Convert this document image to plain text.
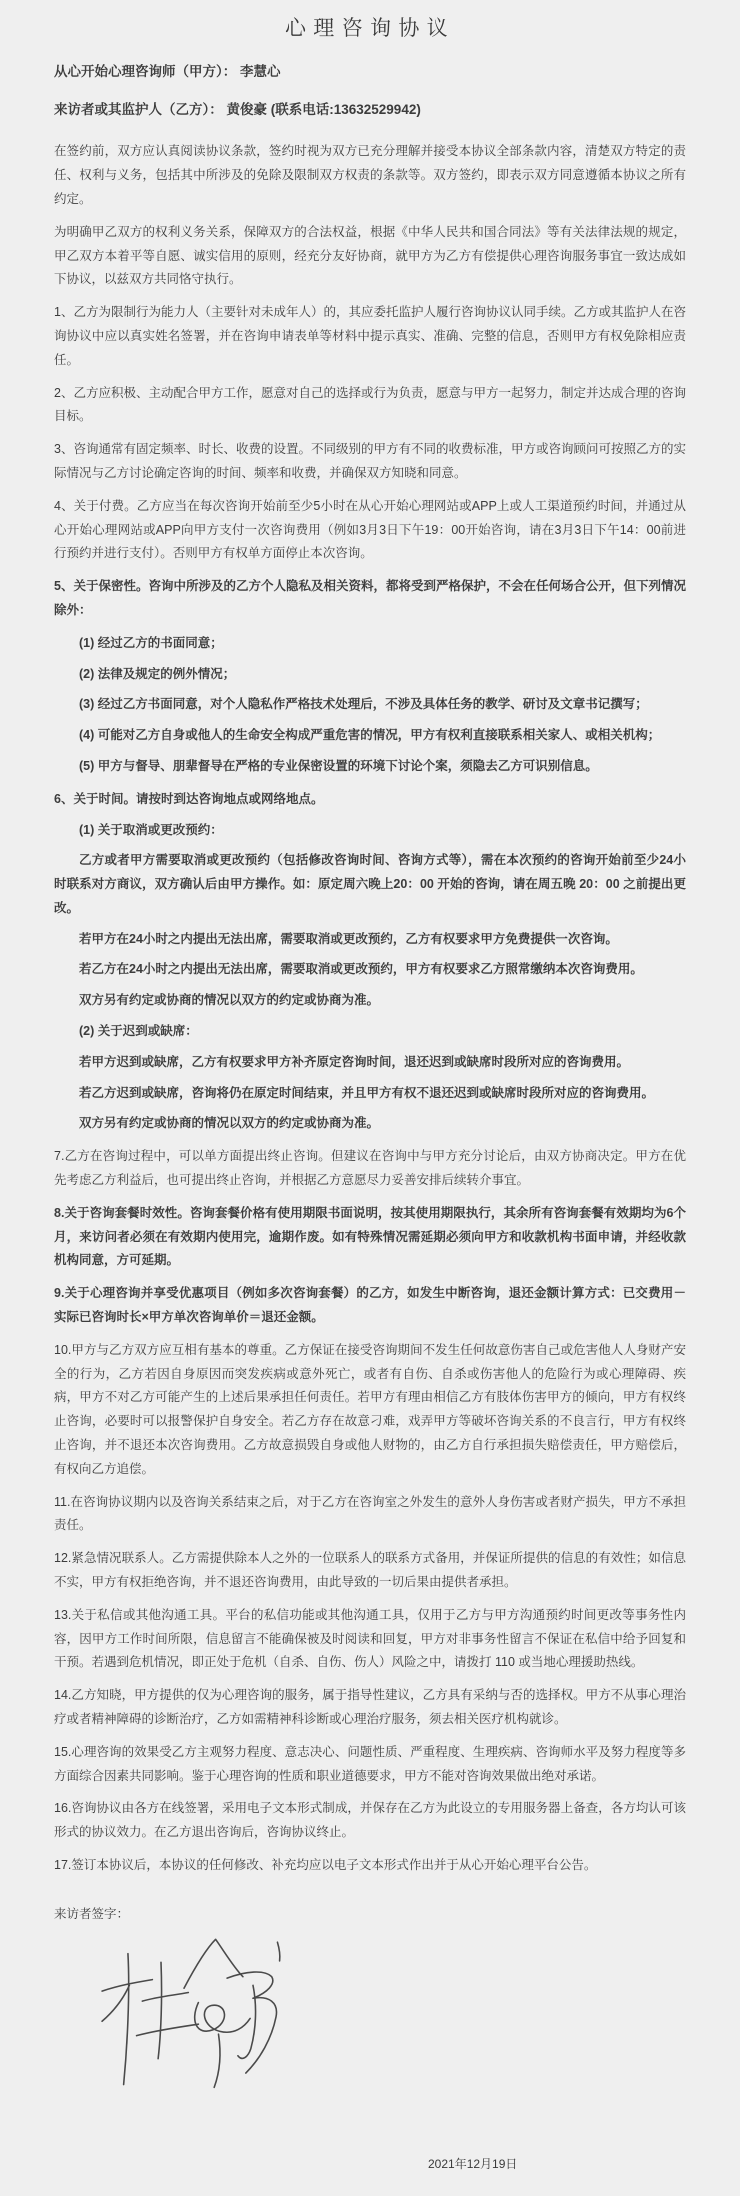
心理咨询协议

从心开始心理咨询师（甲方）： 李慧心

来访者或其监护人（乙方）： 黄俊豪 (联系电话:13632529942)

在签约前，双方应认真阅读协议条款，签约时视为双方已充分理解并接受本协议全部条款内容，清楚双方特定的责任、权利与义务，包括其中所涉及的免除及限制双方权责的条款等。双方签约，即表示双方同意遵循本协议之所有约定。

为明确甲乙双方的权利义务关系，保障双方的合法权益，根据《中华人民共和国合同法》等有关法律法规的规定，甲乙双方本着平等自愿、诚实信用的原则，经充分友好协商，就甲方为乙方有偿提供心理咨询服务事宜一致达成如下协议，以兹双方共同恪守执行。

1、乙方为限制行为能力人（主要针对未成年人）的，其应委托监护人履行咨询协议认同手续。乙方或其监护人在咨询协议中应以真实姓名签署，并在咨询申请表单等材料中提示真实、准确、完整的信息，否则甲方有权免除相应责任。

2、乙方应积极、主动配合甲方工作，愿意对自己的选择或行为负责，愿意与甲方一起努力，制定并达成合理的咨询目标。

3、咨询通常有固定频率、时长、收费的设置。不同级别的甲方有不同的收费标准，甲方或咨询顾问可按照乙方的实际情况与乙方讨论确定咨询的时间、频率和收费，并确保双方知晓和同意。

4、关于付费。乙方应当在每次咨询开始前至少5小时在从心开始心理网站或APP上或人工渠道预约时间，并通过从心开始心理网站或APP向甲方支付一次咨询费用（例如3月3日下午19：00开始咨询，请在3月3日下午14：00前进行预约并进行支付）。否则甲方有权单方面停止本次咨询。

5、关于保密性。咨询中所涉及的乙方个人隐私及相关资料，都将受到严格保护，不会在任何场合公开，但下列情况除外：

(1) 经过乙方的书面同意；

(2) 法律及规定的例外情况；

(3) 经过乙方书面同意，对个人隐私作严格技术处理后，不涉及具体任务的教学、研讨及文章书记撰写；

(4) 可能对乙方自身或他人的生命安全构成严重危害的情况，甲方有权利直接联系相关家人、或相关机构；

(5) 甲方与督导、朋辈督导在严格的专业保密设置的环境下讨论个案，须隐去乙方可识别信息。

6、关于时间。请按时到达咨询地点或网络地点。

(1) 关于取消或更改预约：

乙方或者甲方需要取消或更改预约（包括修改咨询时间、咨询方式等），需在本次预约的咨询开始前至少24小时联系对方商议，双方确认后由甲方操作。如：原定周六晚上20：00 开始的咨询，请在周五晚 20：00 之前提出更改。

若甲方在24小时之内提出无法出席，需要取消或更改预约，乙方有权要求甲方免费提供一次咨询。

若乙方在24小时之内提出无法出席，需要取消或更改预约，甲方有权要求乙方照常缴纳本次咨询费用。

双方另有约定或协商的情况以双方的约定或协商为准。

(2) 关于迟到或缺席：

若甲方迟到或缺席，乙方有权要求甲方补齐原定咨询时间，退还迟到或缺席时段所对应的咨询费用。

若乙方迟到或缺席，咨询将仍在原定时间结束，并且甲方有权不退还迟到或缺席时段所对应的咨询费用。

双方另有约定或协商的情况以双方的约定或协商为准。

7.乙方在咨询过程中，可以单方面提出终止咨询。但建议在咨询中与甲方充分讨论后，由双方协商决定。甲方在优先考虑乙方利益后，也可提出终止咨询，并根据乙方意愿尽力妥善安排后续转介事宜。

8.关于咨询套餐时效性。咨询套餐价格有使用期限书面说明，按其使用期限执行，其余所有咨询套餐有效期均为6个月，来访问者必须在有效期内使用完，逾期作废。如有特殊情况需延期必须向甲方和收款机构书面申请，并经收款机构同意，方可延期。

9.关于心理咨询并享受优惠项目（例如多次咨询套餐）的乙方，如发生中断咨询，退还金额计算方式：已交费用－实际已咨询时长×甲方单次咨询单价＝退还金额。

10.甲方与乙方双方应互相有基本的尊重。乙方保证在接受咨询期间不发生任何故意伤害自己或危害他人人身财产安全的行为，乙方若因自身原因而突发疾病或意外死亡，或者有自伤、自杀或伤害他人的危险行为或心理障碍、疾病，甲方不对乙方可能产生的上述后果承担任何责任。若甲方有理由相信乙方有肢体伤害甲方的倾向，甲方有权终止咨询，必要时可以报警保护自身安全。若乙方存在故意刁难，戏弄甲方等破坏咨询关系的不良言行，甲方有权终止咨询，并不退还本次咨询费用。乙方故意损毁自身或他人财物的，由乙方自行承担损失赔偿责任，甲方赔偿后，有权向乙方追偿。

11.在咨询协议期内以及咨询关系结束之后，对于乙方在咨询室之外发生的意外人身伤害或者财产损失，甲方不承担责任。

12.紧急情况联系人。乙方需提供除本人之外的一位联系人的联系方式备用，并保证所提供的信息的有效性；如信息不实，甲方有权拒绝咨询，并不退还咨询费用，由此导致的一切后果由提供者承担。

13.关于私信或其他沟通工具。平台的私信功能或其他沟通工具，仅用于乙方与甲方沟通预约时间更改等事务性内容，因甲方工作时间所限，信息留言不能确保被及时阅读和回复，甲方对非事务性留言不保证在私信中给予回复和干预。若遇到危机情况，即正处于危机（自杀、自伤、伤人）风险之中，请拨打 110 或当地心理援助热线。

14.乙方知晓，甲方提供的仅为心理咨询的服务，属于指导性建议，乙方具有采纳与否的选择权。甲方不从事心理治疗或者精神障碍的诊断治疗，乙方如需精神科诊断或心理治疗服务，须去相关医疗机构就诊。

15.心理咨询的效果受乙方主观努力程度、意志决心、问题性质、严重程度、生理疾病、咨询师水平及努力程度等多方面综合因素共同影响。鉴于心理咨询的性质和职业道德要求，甲方不能对咨询效果做出绝对承诺。

16.咨询协议由各方在线签署，采用电子文本形式制成，并保存在乙方为此设立的专用服务器上备查，各方均认可该形式的协议效力。在乙方退出咨询后，咨询协议终止。

17.签订本协议后，本协议的任何修改、补充均应以电子文本形式作出并于从心开始心理平台公告。

来访者签字：

2021年12月19日
